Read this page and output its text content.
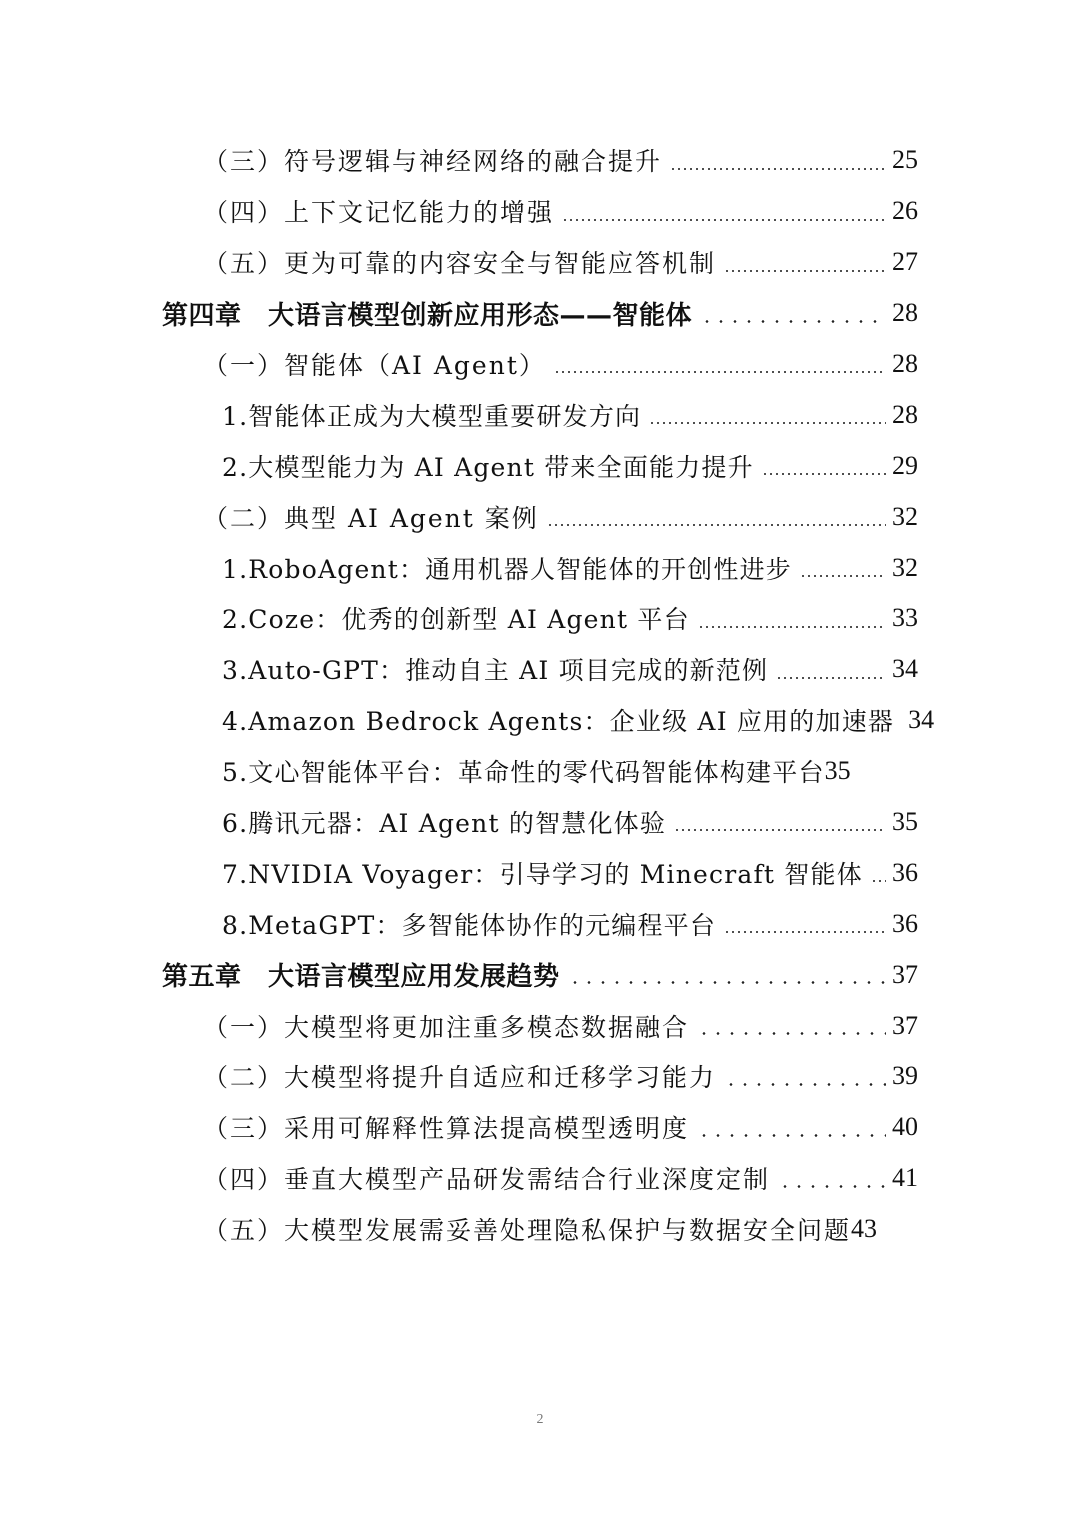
（三）符号逻辑与神经网络的融合提升	25
（四）上下文记忆能力的增强	26
（五）更为可靠的内容安全与智能应答机制	27
第四章　大语言模型创新应用形态——智能体	28
（一）智能体（AI Agent）	28
1.智能体正成为大模型重要研发方向	28
2.大模型能力为 AI Agent 带来全面能力提升	29
（二）典型 AI Agent 案例	32
1.RoboAgent：通用机器人智能体的开创性进步	32
2.Coze：优秀的创新型 AI Agent 平台	33
3.Auto-GPT：推动自主 AI 项目完成的新范例	34
4.Amazon Bedrock Agents：企业级 AI 应用的加速器 34
5.文心智能体平台：革命性的零代码智能体构建平台 35
6.腾讯元器：AI Agent 的智慧化体验	35
7.NVIDIA Voyager：引导学习的 Minecraft 智能体 36
8.MetaGPT：多智能体协作的元编程平台	36
第五章　大语言模型应用发展趋势	37
（一）大模型将更加注重多模态数据融合	37
（二）大模型将提升自适应和迁移学习能力	39
（三）采用可解释性算法提高模型透明度	40
（四）垂直大模型产品研发需结合行业深度定制	41
（五）大模型发展需妥善处理隐私保护与数据安全问题 43
2
